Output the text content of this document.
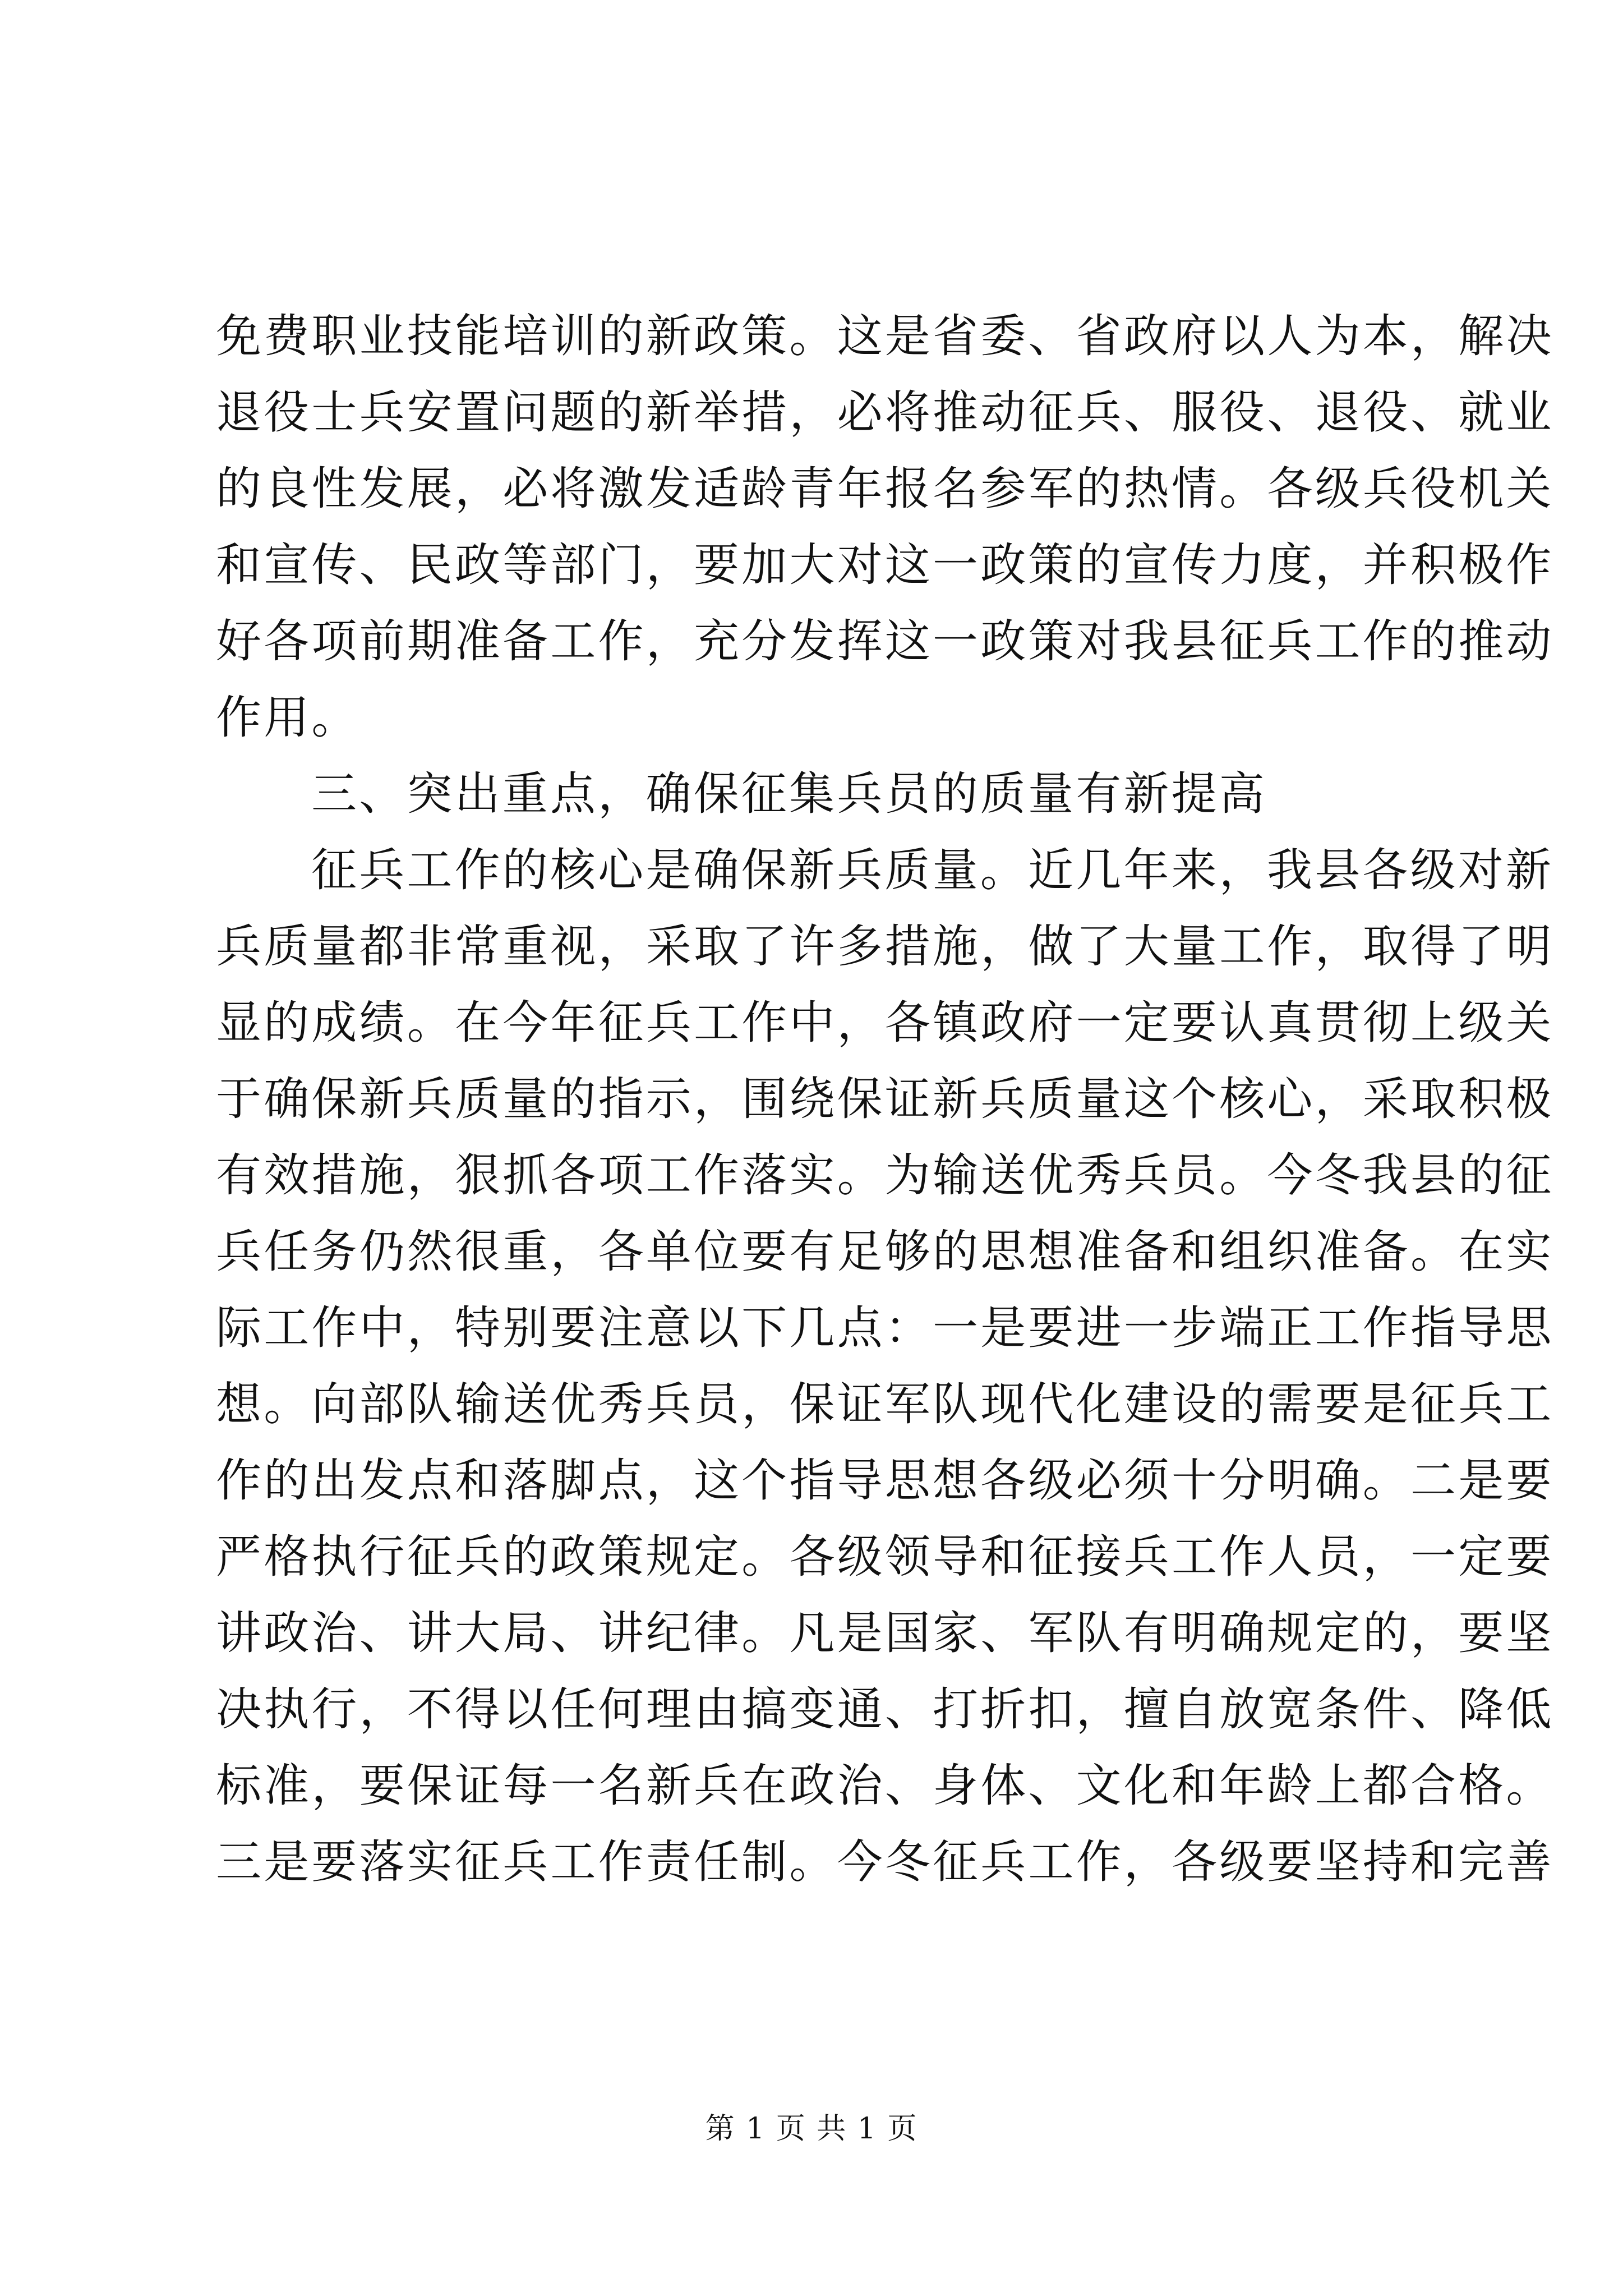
免费职业技能培训的新政策。这是省委、省政府以人为本，解决
退役士兵安置问题的新举措，必将推动征兵、服役、退役、就业
的良性发展，必将激发适龄青年报名参军的热情。各级兵役机关
和宣传、民政等部门，要加大对这一政策的宣传力度，并积极作
好各项前期准备工作，充分发挥这一政策对我县征兵工作的推动
作用。
三、突出重点，确保征集兵员的质量有新提高
征兵工作的核心是确保新兵质量。近几年来，我县各级对新
兵质量都非常重视，采取了许多措施，做了大量工作，取得了明
显的成绩。在今年征兵工作中，各镇政府一定要认真贯彻上级关
于确保新兵质量的指示，围绕保证新兵质量这个核心，采取积极
有效措施，狠抓各项工作落实。为输送优秀兵员。今冬我县的征
兵任务仍然很重，各单位要有足够的思想准备和组织准备。在实
际工作中，特别要注意以下几点：一是要进一步端正工作指导思
想。向部队输送优秀兵员，保证军队现代化建设的需要是征兵工
作的出发点和落脚点，这个指导思想各级必须十分明确。二是要
严格执行征兵的政策规定。各级领导和征接兵工作人员，一定要
讲政治、讲大局、讲纪律。凡是国家、军队有明确规定的，要坚
决执行，不得以任何理由搞变通、打折扣，擅自放宽条件、降低
标准，要保证每一名新兵在政治、身体、文化和年龄上都合格。
三是要落实征兵工作责任制。今冬征兵工作，各级要坚持和完善
第 1 页 共 1 页
